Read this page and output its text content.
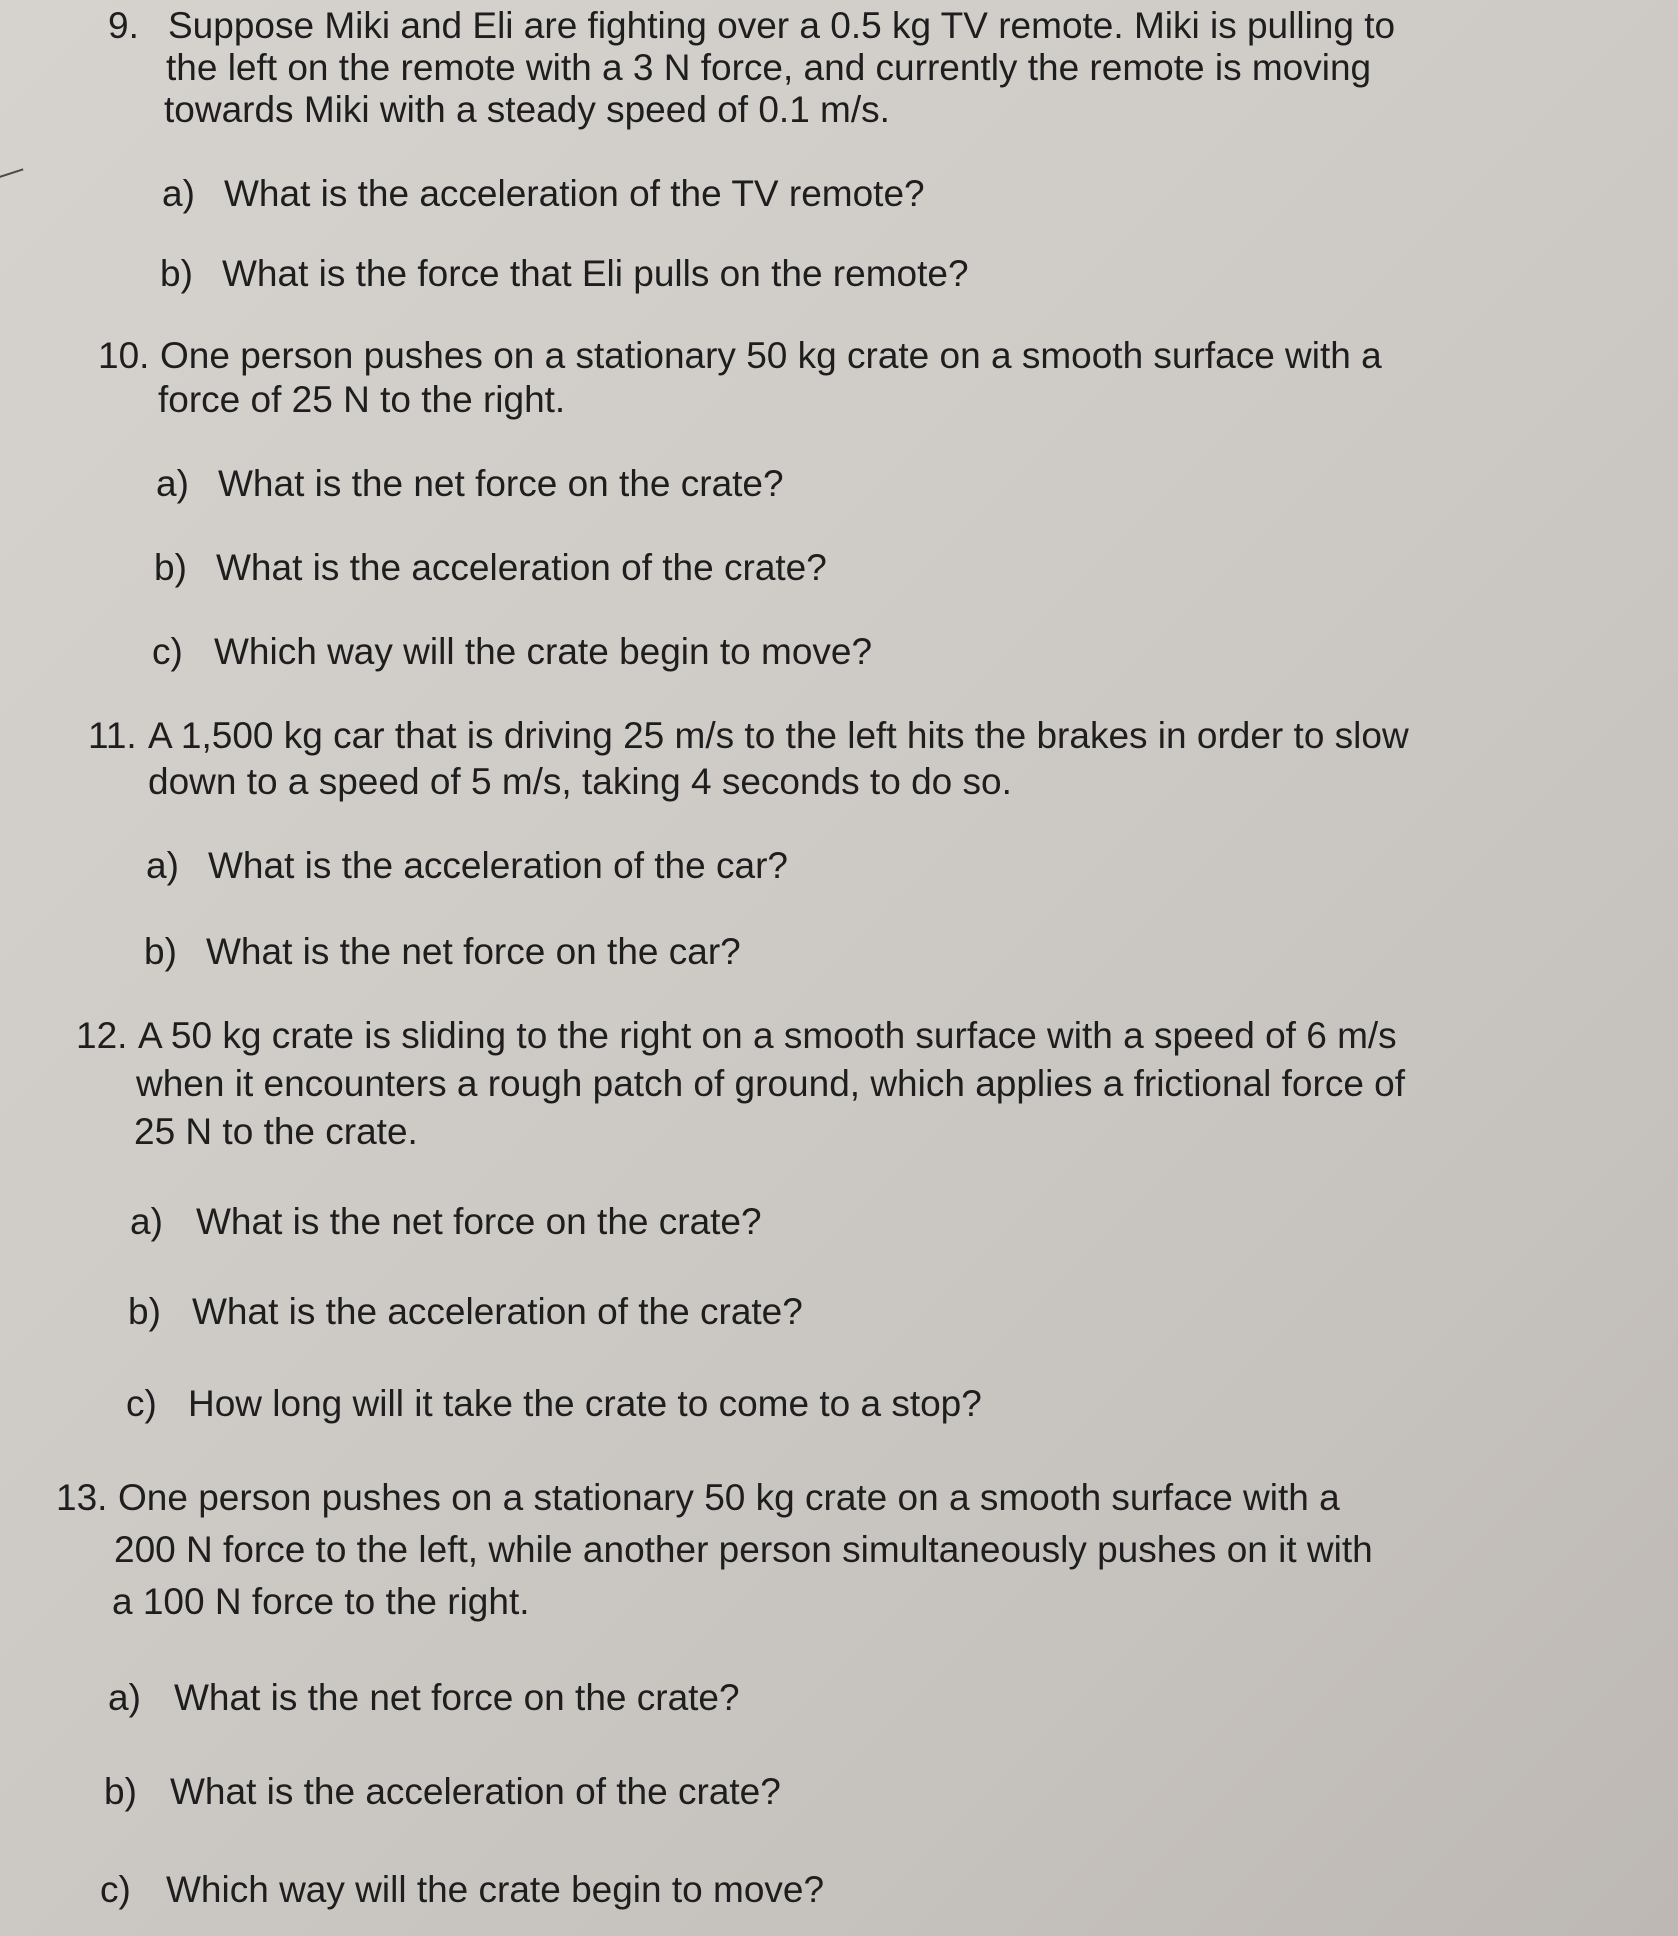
9. Suppose Miki and Eli are fighting over a 0.5 kg TV remote. Miki is pulling to
the left on the remote with a 3 N force, and currently the remote is moving
towards Miki with a steady speed of 0.1 m/s.
a) What is the acceleration of the TV remote?
b) What is the force that Eli pulls on the remote?
10. One person pushes on a stationary 50 kg crate on a smooth surface with a
force of 25 N to the right.
a) What is the net force on the crate?
b) What is the acceleration of the crate?
c) Which way will the crate begin to move?
11. A 1,500 kg car that is driving 25 m/s to the left hits the brakes in order to slow
down to a speed of 5 m/s, taking 4 seconds to do so.
a) What is the acceleration of the car?
b) What is the net force on the car?
12. A 50 kg crate is sliding to the right on a smooth surface with a speed of 6 m/s
when it encounters a rough patch of ground, which applies a frictional force of
25 N to the crate.
a) What is the net force on the crate?
b) What is the acceleration of the crate?
c) How long will it take the crate to come to a stop?
13. One person pushes on a stationary 50 kg crate on a smooth surface with a
200 N force to the left, while another person simultaneously pushes on it with
a 100 N force to the right.
a) What is the net force on the crate?
b) What is the acceleration of the crate?
c) Which way will the crate begin to move?
